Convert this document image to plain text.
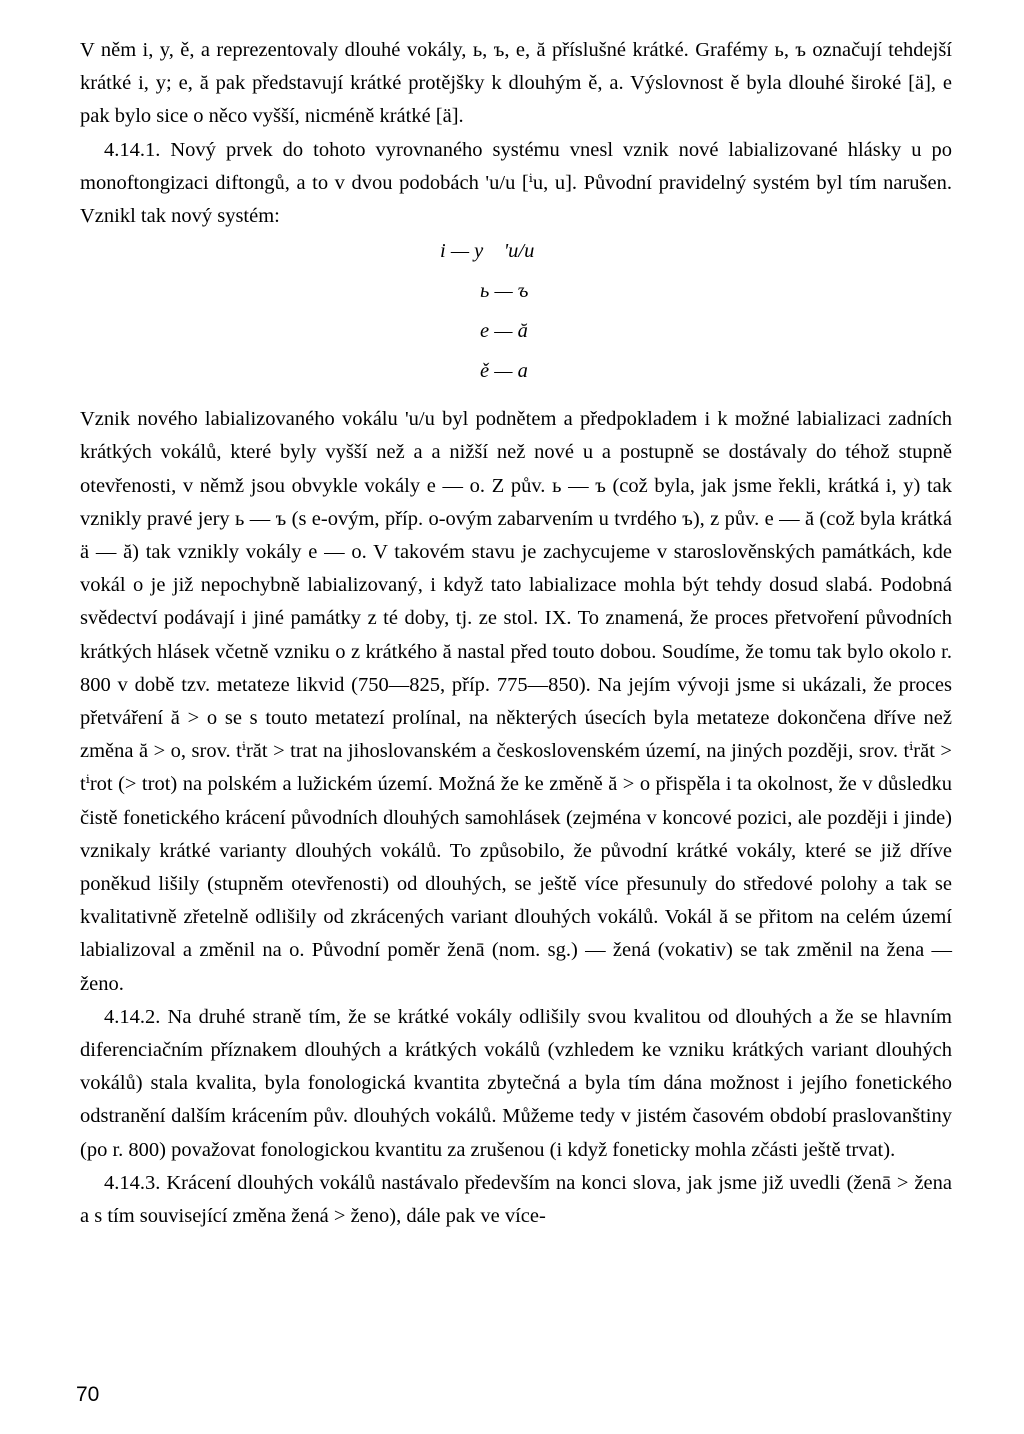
V něm i, y, ě, a reprezentovaly dlouhé vokály, ь, ъ, e, ă příslušné krátké. Grafémy ь, ъ označují tehdejší krátké i, y; e, ă pak představují krátké protějšky k dlouhým ě, a. Výslovnost ě byla dlouhé široké [ä], e pak bylo sice o něco vyšší, nicméně krátké [ä].

4.14.1. Nový prvek do tohoto vyrovnaného systému vnesl vznik nové labializované hlásky u po monoftongizaci diftongů, a to v dvou podobách 'u/u [ⁱu, u]. Původní pravidelný systém byl tím narušen. Vznikl tak nový systém:

i — y    'u/u
ь — ъ
e — ă
ě — a

Vznik nového labializovaného vokálu 'u/u byl podnětem a předpokladem i k možné labializaci zadních krátkých vokálů, které byly vyšší než a a nižší než nové u a postupně se dostávaly do téhož stupně otevřenosti, v němž jsou obvykle vokály e — o. Z pův. ь — ъ (což byla, jak jsme řekli, krátká i, y) tak vznikly pravé jery ь — ъ (s e-ovým, příp. o-ovým zabarvením u tvrdého ъ), z pův. e — ă (což byla krátká ä — ă) tak vznikly vokály e — o. V takovém stavu je zachycujeme v staroslověnských památkách, kde vokál o je již nepochybně labializovaný, i když tato labializace mohla být tehdy dosud slabá. Podobná svědectví podávají i jiné památky z té doby, tj. ze stol. IX. To znamená, že proces přetvoření původních krátkých hlásek včetně vzniku o z krátkého ă nastal před touto dobou. Soudíme, že tomu tak bylo okolo r. 800 v době tzv. metateze likvid (750—825, příp. 775—850). Na jejím vývoji jsme si ukázali, že proces přetváření ă > o se s touto metatezí prolínal, na některých úsecích byla metateze dokončena dříve než změna ă > o, srov. tⁱrăt > trat na jihoslovanském a československém území, na jiných později, srov. tⁱrăt > tⁱrot (> trot) na polském a lužickém území. Možná že ke změně ă > o přispěla i ta okolnost, že v důsledku čistě fonetického krácení původních dlouhých samohlásek (zejména v koncové pozici, ale později i jinde) vznikaly krátké varianty dlouhých vokálů. To způsobilo, že původní krátké vokály, které se již dříve poněkud lišily (stupněm otevřenosti) od dlouhých, se ještě více přesunuly do středové polohy a tak se kvalitativně zřetelně odlišily od zkrácených variant dlouhých vokálů. Vokál ă se přitom na celém území labializoval a změnil na o. Původní poměr ženā (nom. sg.) — žená (vokativ) se tak změnil na žena — ženo.

4.14.2. Na druhé straně tím, že se krátké vokály odlišily svou kvalitou od dlouhých a že se hlavním diferenciačním příznakem dlouhých a krátkých vokálů (vzhledem ke vzniku krátkých variant dlouhých vokálů) stala kvalita, byla fonologická kvantita zbytečná a byla tím dána možnost i jejího fonetického odstranění dalším krácením pův. dlouhých vokálů. Můžeme tedy v jistém časovém období praslovanštiny (po r. 800) považovat fonologickou kvantitu za zrušenou (i když foneticky mohla zčásti ještě trvat).

4.14.3. Krácení dlouhých vokálů nastávalo především na konci slova, jak jsme již uvedli (ženā > žena a s tím související změna žená > ženo), dále pak ve více-

70
